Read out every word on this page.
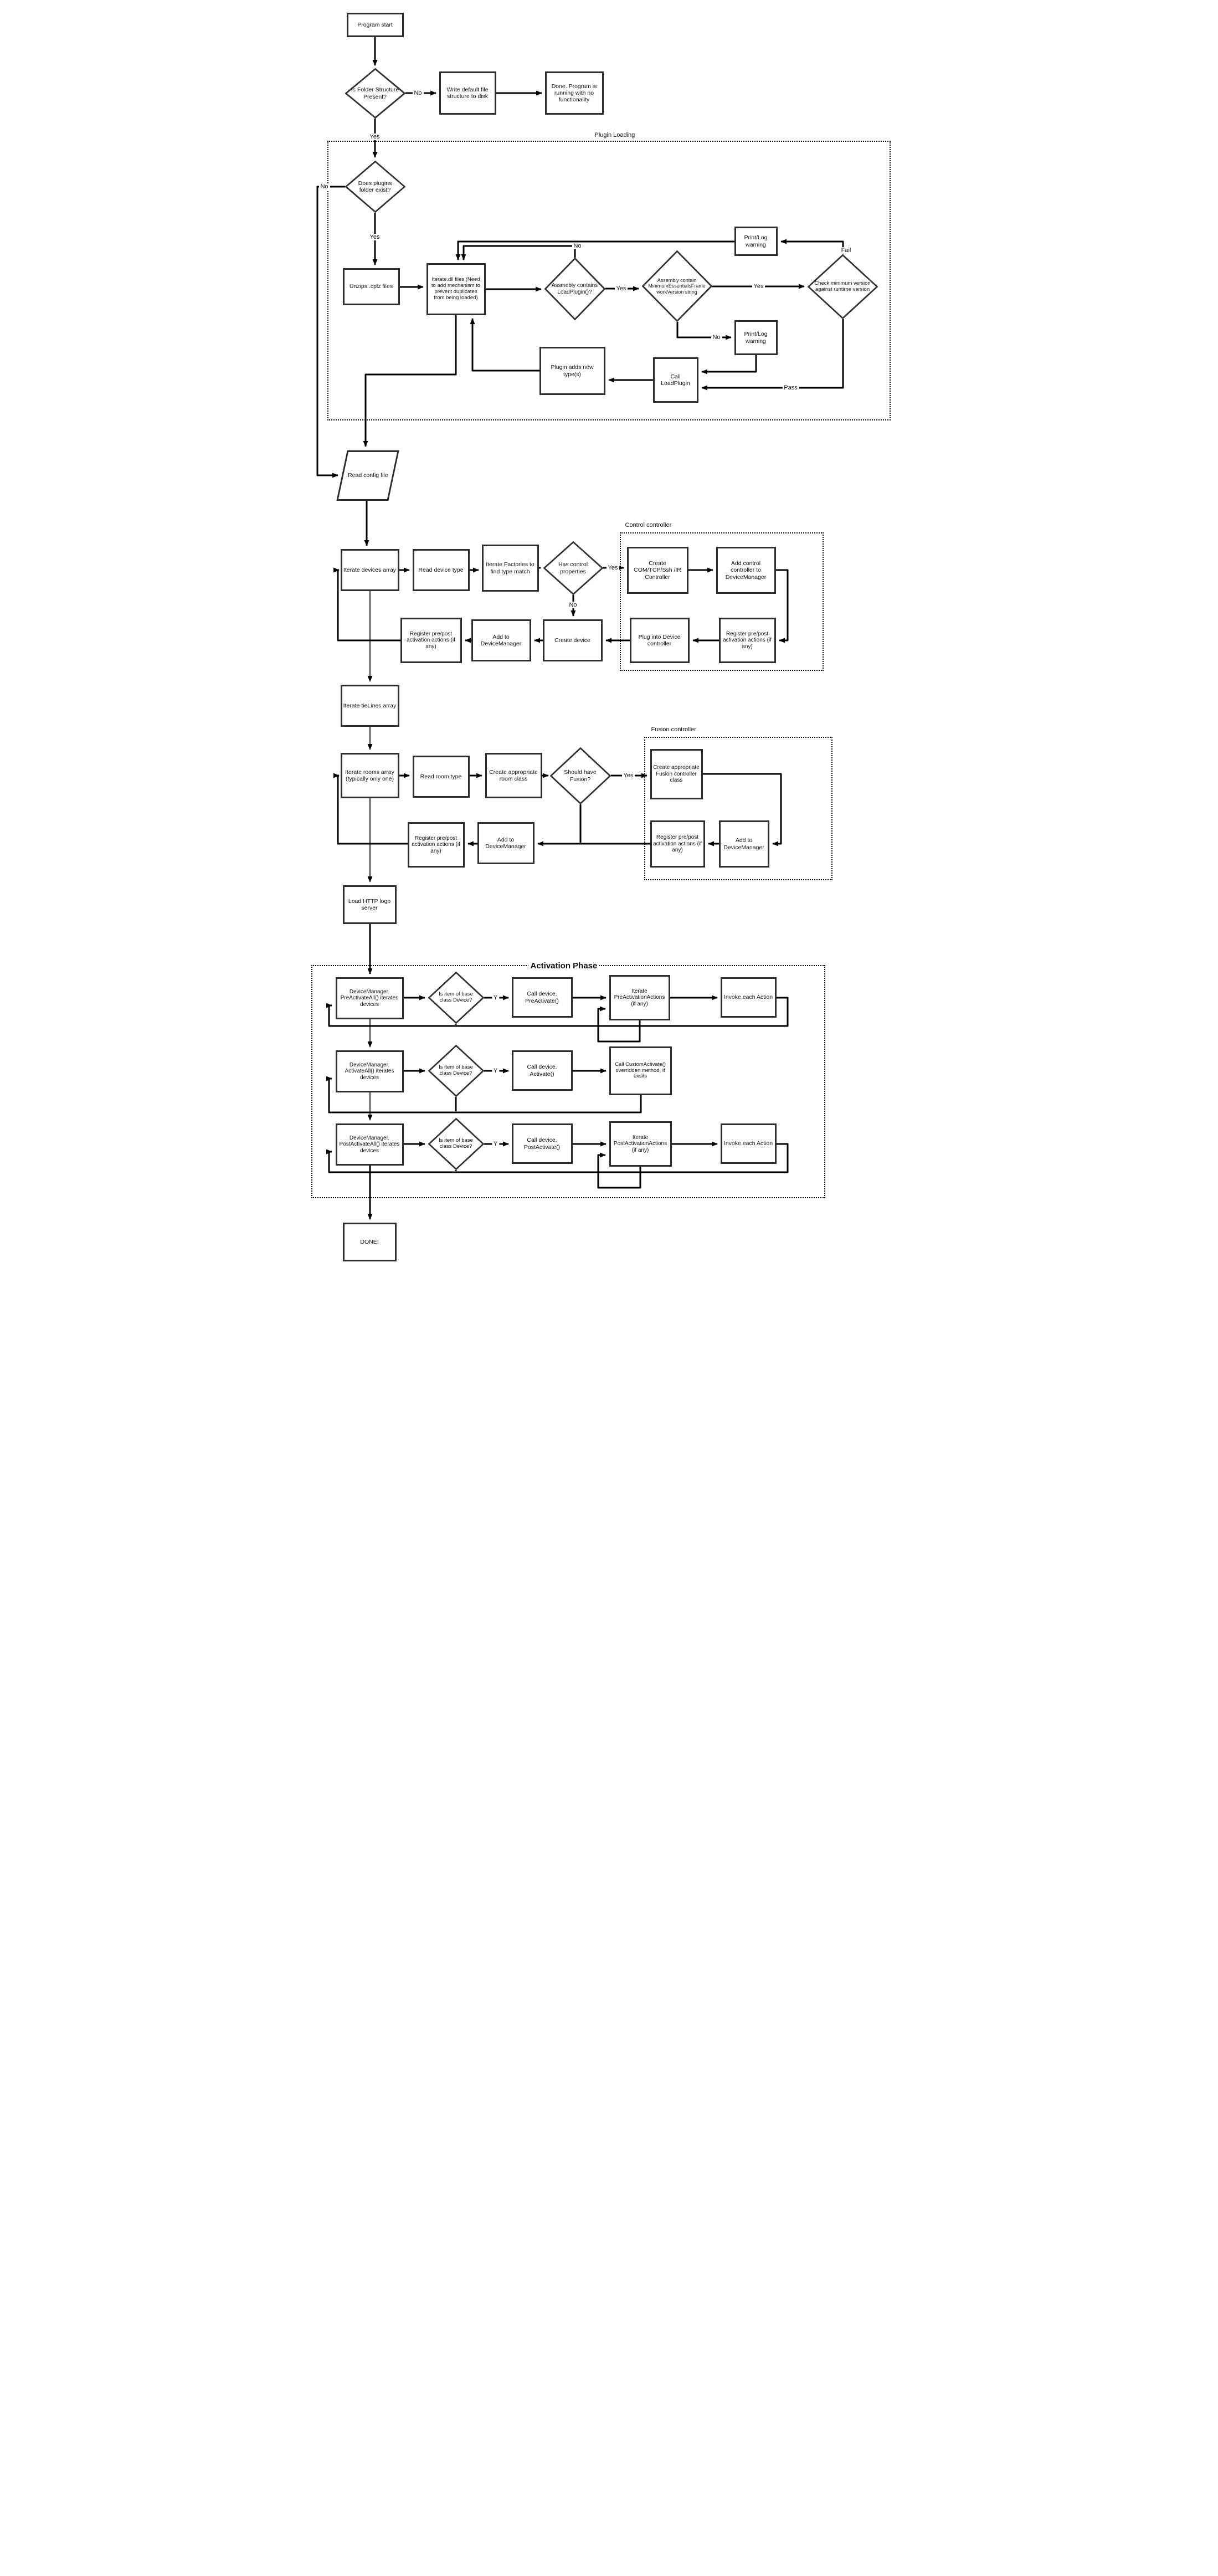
Plugin Loading
Control controller
Fusion controller
Activation Phase
Program start
Is Folder Structure Present?
Write default file structure to disk
Done. Program is running with no functionality
Does plugins folder exist?
Unzips .cplz files
Iterate.dll files (Need to add mechanism to prevent duplicates from being loaded)
Assmebly contains LoadPlugin()?
Assembly contain MinimumEssentialsFrameworkVersion string
Check minimum version against runtime version
Print/Log warning
Print/Log warning
Call LoadPlugin
Plugin adds new type(s)
Read config file
Iterate devices array	Read device type
Iterate Factories to find type match
Has control properties
Create COM/TCP/Ssh /IR Controller
Add control controller to DeviceManager
Register pre/post activation actions (if any)
Plug into Device controller
Create device
Add to DeviceManager
Register pre/post activation actions (if any)
Iterate tieLines array
Iterate rooms array (typically only one)	Read room type
Create appropriate room class
Should have Fusion?
Create appropriate Fusion controller class
Register pre/post activation actions (if any)
Add to DeviceManager
Register pre/post activation actions (if any)
Add to DeviceManager
Load HTTP logo server
DeviceManager. PreActivateAll() iterates devices
Is item of base class Device?
Call device. PreActivate()
Iterate PreActivationActions (if any)
Invoke each Action
DeviceManager. ActivateAll() iterates devices
Is item of base class Device?
Call device. Activate()
Call CustomActivate() overridden method, if exsits
DeviceManager. PostActivateAll() iterates devices
Is item of base class Device?
Call device. PostActivate()
Iterate PostActivationActions (if any)
Invoke each Action
DONE!
No
Yes
No
Yes
No
Yes	Yes
Fail
No
Pass
Yes
No
Yes
Y
Y
Y
